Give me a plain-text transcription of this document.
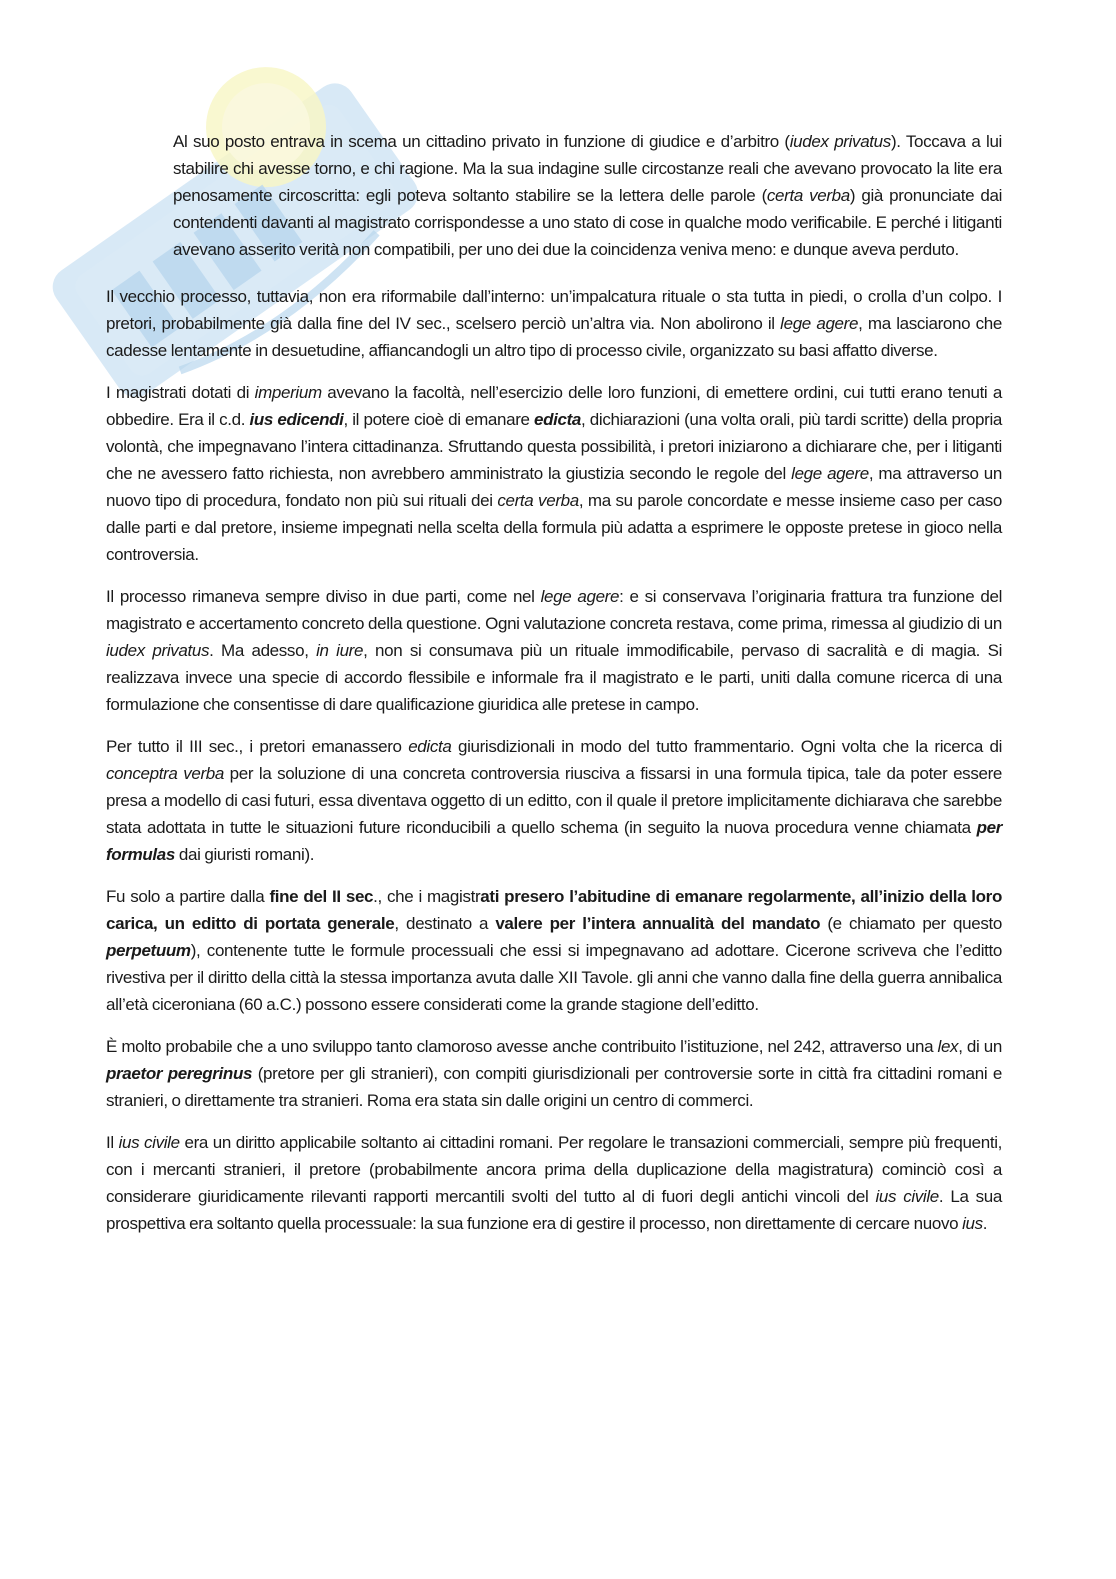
Al suo posto entrava in scema un cittadino privato in funzione di giudice e d’arbitro (iudex privatus). Toccava a lui stabilire chi avesse torno, e chi ragione. Ma la sua indagine sulle circostanze reali che avevano provocato la lite era penosamente circoscritta: egli poteva soltanto stabilire se la lettera delle parole (certa verba) già pronunciate dai contendenti davanti al magistrato corrispondesse a uno stato di cose in qualche modo verificabile. E perché i litiganti avevano asserito verità non compatibili, per uno dei due la coincidenza veniva meno: e dunque aveva perduto.

Il vecchio processo, tuttavia, non era riformabile dall’interno: un’impalcatura rituale o sta tutta in piedi, o crolla d’un colpo. I pretori, probabilmente già dalla fine del IV sec., scelsero perciò un’altra via. Non abolirono il lege agere, ma lasciarono che cadesse lentamente in desuetudine, affiancandogli un altro tipo di processo civile, organizzato su basi affatto diverse.

I magistrati dotati di imperium avevano la facoltà, nell’esercizio delle loro funzioni, di emettere ordini, cui tutti erano tenuti a obbedire. Era il c.d. ius edicendi, il potere cioè di emanare edicta, dichiarazioni (una volta orali, più tardi scritte) della propria volontà, che impegnavano l’intera cittadinanza. Sfruttando questa possibilità, i pretori iniziarono a dichiarare che, per i litiganti che ne avessero fatto richiesta, non avrebbero amministrato la giustizia secondo le regole del lege agere, ma attraverso un nuovo tipo di procedura, fondato non più sui rituali dei certa verba, ma su parole concordate e messe insieme caso per caso dalle parti e dal pretore, insieme impegnati nella scelta della formula più adatta a esprimere le opposte pretese in gioco nella controversia.

Il processo rimaneva sempre diviso in due parti, come nel lege agere: e si conservava l’originaria frattura tra funzione del magistrato e accertamento concreto della questione. Ogni valutazione concreta restava, come prima, rimessa al giudizio di un iudex privatus. Ma adesso, in iure, non si consumava più un rituale immodificabile, pervaso di sacralità e di magia. Si realizzava invece una specie di accordo flessibile e informale fra il magistrato e le parti, uniti dalla comune ricerca di una formulazione che consentisse di dare qualificazione giuridica alle pretese in campo.

Per tutto il III sec., i pretori emanassero edicta giurisdizionali in modo del tutto frammentario. Ogni volta che la ricerca di conceptra verba per la soluzione di una concreta controversia riusciva a fissarsi in una formula tipica, tale da poter essere presa a modello di casi futuri, essa diventava oggetto di un editto, con il quale il pretore implicitamente dichiarava che sarebbe stata adottata in tutte le situazioni future riconducibili a quello schema (in seguito la nuova procedura venne chiamata per formulas dai giuristi romani).

Fu solo a partire dalla fine del II sec., che i magistrati presero l’abitudine di emanare regolarmente, all’inizio della loro carica, un editto di portata generale, destinato a valere per l’intera annualità del mandato (e chiamato per questo perpetuum), contenente tutte le formule processuali che essi si impegnavano ad adottare. Cicerone scriveva che l’editto rivestiva per il diritto della città la stessa importanza avuta dalle XII Tavole. gli anni che vanno dalla fine della guerra annibalica all’età ciceroniana (60 a.C.) possono essere considerati come la grande stagione dell’editto.

È molto probabile che a uno sviluppo tanto clamoroso avesse anche contribuito l’istituzione, nel 242, attraverso una lex, di un praetor peregrinus (pretore per gli stranieri), con compiti giurisdizionali per controversie sorte in città fra cittadini romani e stranieri, o direttamente tra stranieri. Roma era stata sin dalle origini un centro di commerci.

Il ius civile era un diritto applicabile soltanto ai cittadini romani. Per regolare le transazioni commerciali, sempre più frequenti, con i mercanti stranieri, il pretore (probabilmente ancora prima della duplicazione della magistratura) cominciò così a considerare giuridicamente rilevanti rapporti mercantili svolti del tutto al di fuori degli antichi vincoli del ius civile. La sua prospettiva era soltanto quella processuale: la sua funzione era di gestire il processo, non direttamente di cercare nuovo ius.
